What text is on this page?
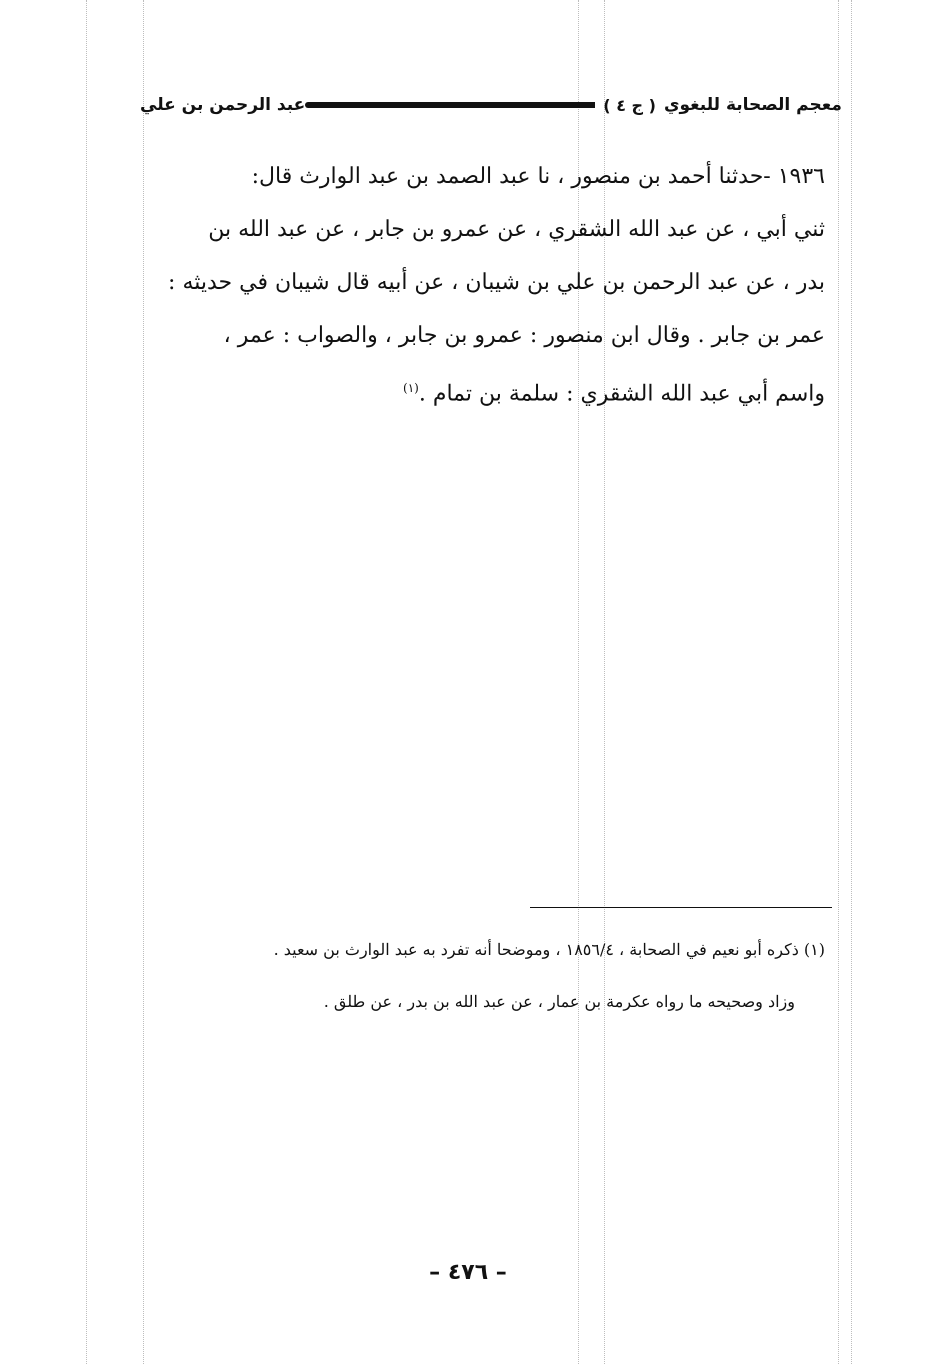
عبد الرحمن بن علي	معجم الصحابة للبغوي
( ج ٤ )
١٩٣٦ -حدثنا أحمد بن منصور ، نا عبد الصمد بن عبد الوارث قال:
ثني أبي ، عن عبد الله الشقري ، عن عمرو بن جابر ، عن عبد الله بن
بدر ، عن عبد الرحمن بن علي بن شيبان ، عن أبيه قال شيبان في حديثه :
عمر بن جابر . وقال ابن منصور : عمرو بن جابر ، والصواب : عمر ،
واسم أبي عبد الله الشقري : سلمة بن تمام .$^{(١)}$
(١) ذكره أبو نعيم في الصحابة ، ١٨٥٦/٤ ، وموضحا أنه تفرد به عبد الوارث بن سعيد .
وزاد وصحيحه ما رواه عكرمة بن عمار ، عن عبد الله بن بدر ، عن طلق .
– ٤٧٦ –
